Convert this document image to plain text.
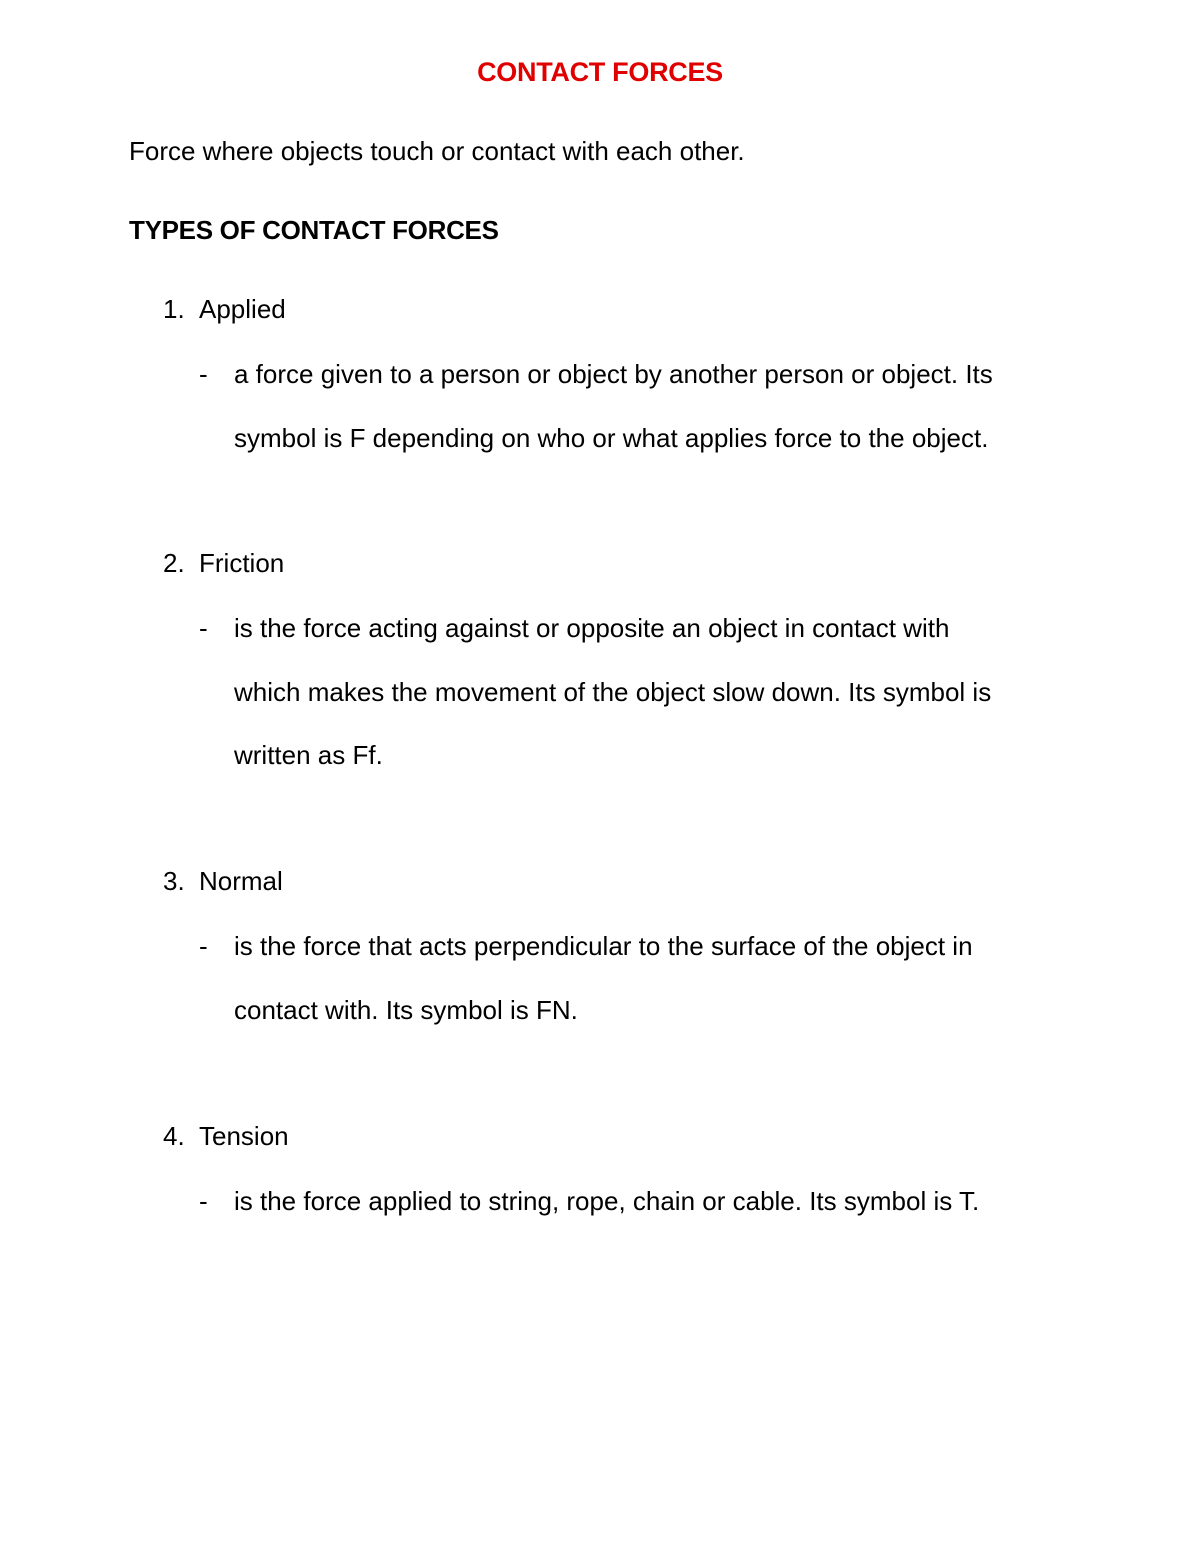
CONTACT FORCES
Force where objects touch or contact with each other.
TYPES OF CONTACT FORCES
1. Applied
- a force given to a person or object by another person or object. Its
symbol is F depending on who or what applies force to the object.
2. Friction
- is the force acting against or opposite an object in contact with
which makes the movement of the object slow down. Its symbol is
written as Ff.
3. Normal
- is the force that acts perpendicular to the surface of the object in
contact with. Its symbol is FN.
4. Tension
- is the force applied to string, rope, chain or cable. Its symbol is T.
